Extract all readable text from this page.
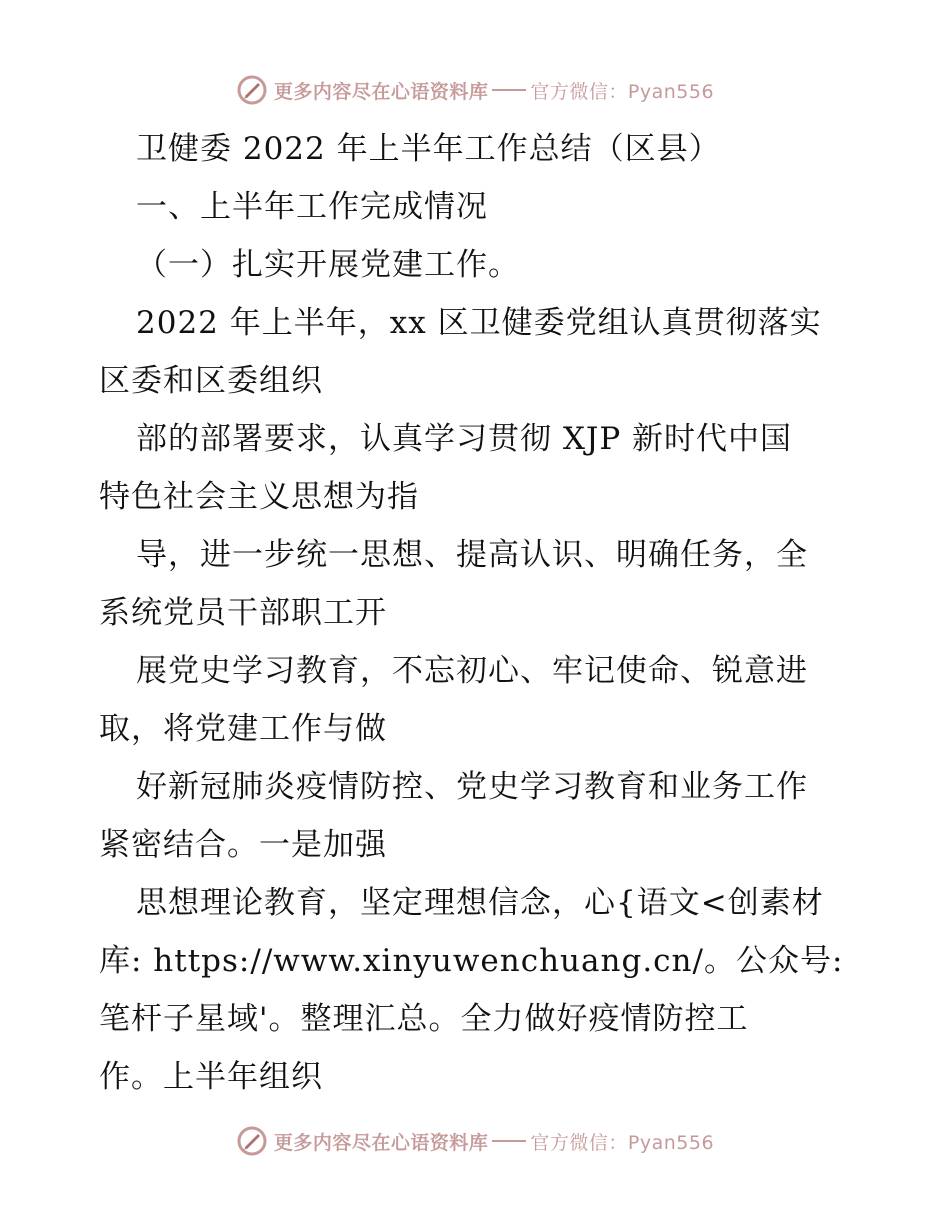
更多内容尽在心语资料库 官方微信：Pyan556
卫健委 2022 年上半年工作总结（区县）
一、上半年工作完成情况
（一）扎实开展党建工作。
2022 年上半年，xx 区卫健委党组认真贯彻落实
区委和区委组织
部的部署要求，认真学习贯彻 XJP 新时代中国
特色社会主义思想为指
导，进一步统一思想、提高认识、明确任务，全
系统党员干部职工开
展党史学习教育，不忘初心、牢记使命、锐意进
取，将党建工作与做
好新冠肺炎疫情防控、党史学习教育和业务工作
紧密结合。一是加强
思想理论教育，坚定理想信念，心{语文<创素材
库: https://www.xinyuwenchuang.cn/。公众号:
笔杆子星域'。整理汇总。全力做好疫情防控工
作。上半年组织
更多内容尽在心语资料库 官方微信：Pyan556
